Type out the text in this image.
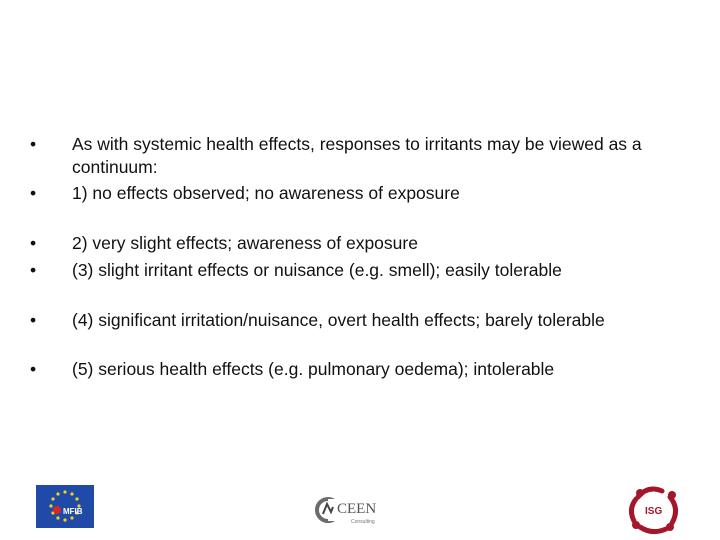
• As with systemic health effects, responses to irritants may be viewed as a continuum:
• 1) no effects observed; no awareness of exposure
• 2) very slight effects; awareness of exposure
• (3) slight irritant effects or nuisance (e.g. smell); easily tolerable
• (4) significant irritation/nuisance, overt health effects; barely tolerable
• (5) serious health effects (e.g. pulmonary oedema); intolerable
MFIB	CEEN
Consulting
ISG
